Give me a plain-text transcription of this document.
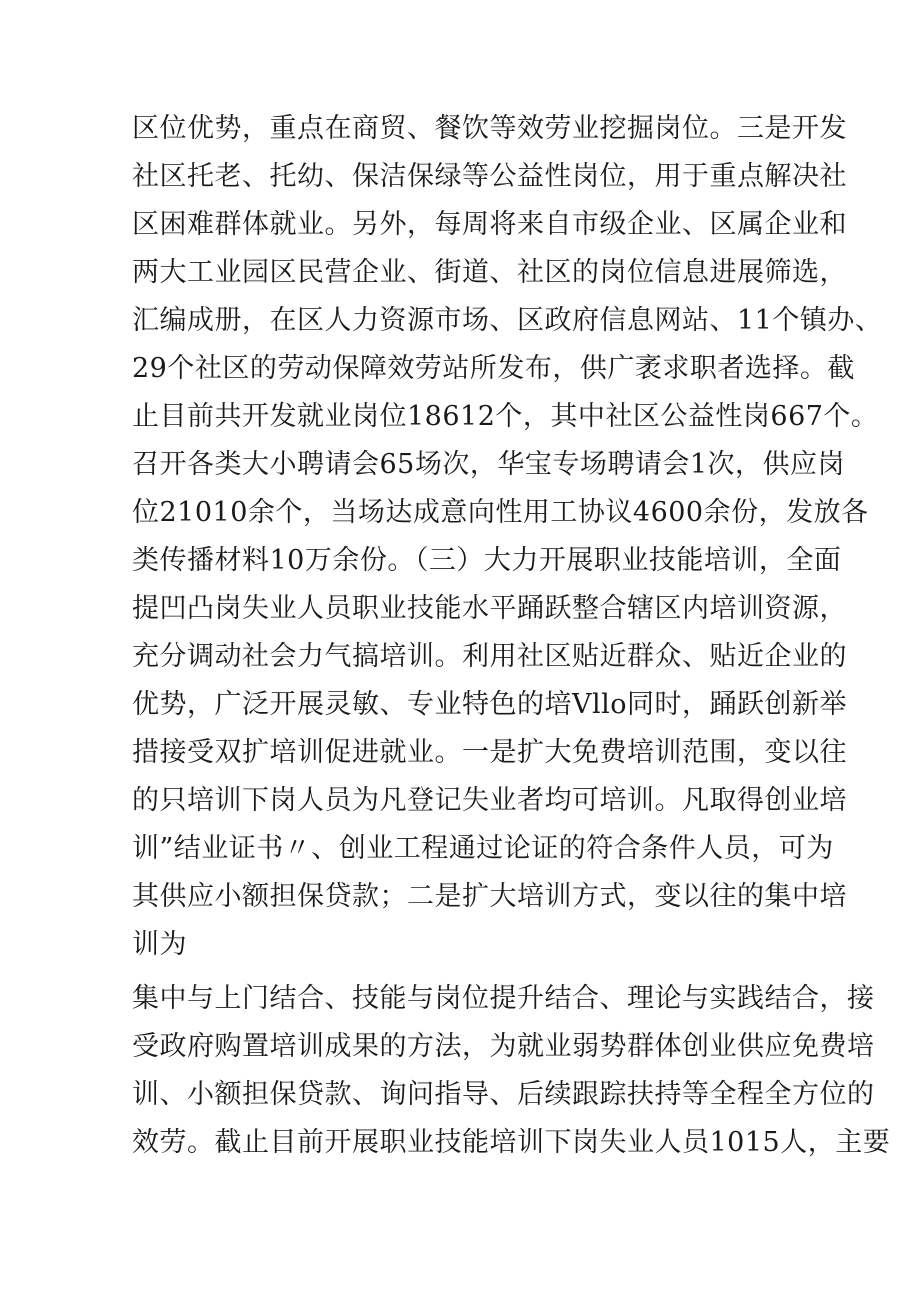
区位优势，重点在商贸、餐饮等效劳业挖掘岗位。三是开发
社区托老、托幼、保洁保绿等公益性岗位，用于重点解决社
区困难群体就业。另外，每周将来自市级企业、区属企业和
两大工业园区民营企业、街道、社区的岗位信息进展筛选，
汇编成册，在区人力资源市场、区政府信息网站、11个镇办、
29个社区的劳动保障效劳站所发布，供广袤求职者选择。截
止目前共开发就业岗位18612个，其中社区公益性岗667个。
召开各类大小聘请会65场次，华宝专场聘请会1次，供应岗
位21010余个，当场达成意向性用工协议4600余份，发放各
类传播材料10万余份。（三）大力开展职业技能培训，全面
提凹凸岗失业人员职业技能水平踊跃整合辖区内培训资源，
充分调动社会力气搞培训。利用社区贴近群众、贴近企业的
优势，广泛开展灵敏、专业特色的培Vllo同时，踊跃创新举
措接受双扩培训促进就业。一是扩大免费培训范围，变以往
的只培训下岗人员为凡登记失业者均可培训。凡取得创业培
训”结业证书〃、创业工程通过论证的符合条件人员，可为
其供应小额担保贷款；二是扩大培训方式，变以往的集中培
训为
集中与上门结合、技能与岗位提升结合、理论与实践结合，接
受政府购置培训成果的方法，为就业弱势群体创业供应免费培
训、小额担保贷款、询问指导、后续跟踪扶持等全程全方位的
效劳。截止目前开展职业技能培训下岗失业人员1015人，主要
